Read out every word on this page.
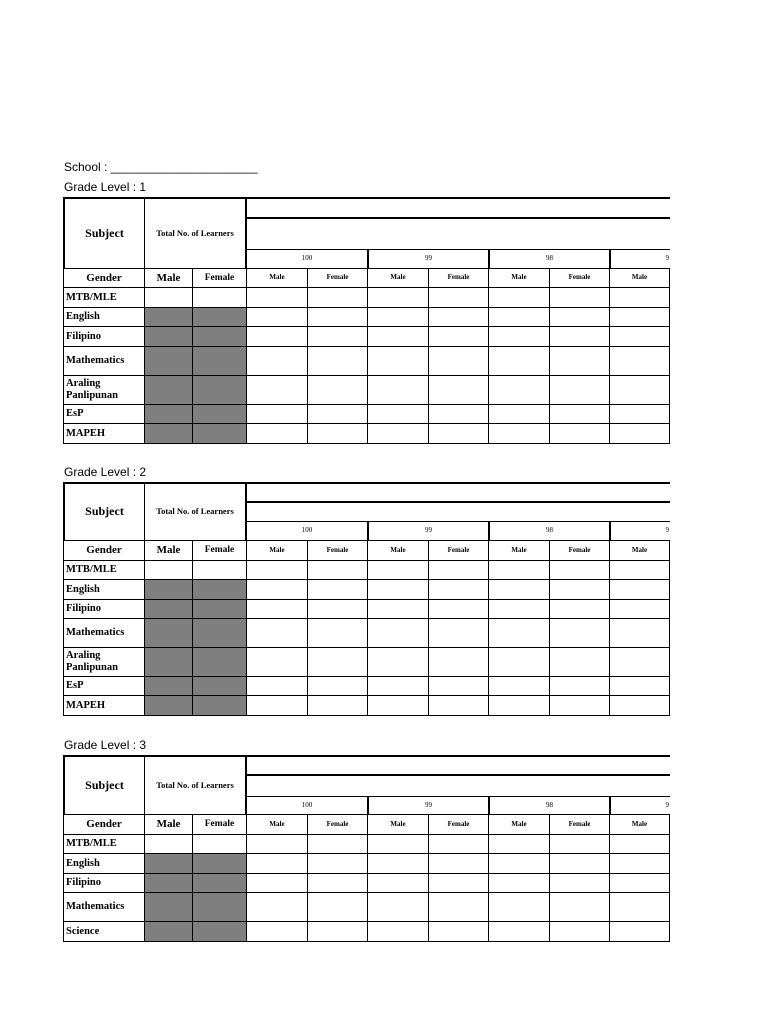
School : ______________________
Grade Level : 1
Subject	Total No. of Learners
100	99	98	9
Gender	Male	Female	Male	Female	Male	Female	Male	Female	Male
MTB/MLE
English
Filipino
Mathematics
Araling Panlipunan
EsP
MAPEH
Grade Level : 2
Subject	Total No. of Learners
100	99	98	9
Gender	Male	Female	Male	Female	Male	Female	Male	Female	Male
MTB/MLE
English
Filipino
Mathematics
Araling Panlipunan
EsP
MAPEH
Grade Level : 3
Subject	Total No. of Learners
100	99	98	9
Gender	Male	Female	Male	Female	Male	Female	Male	Female	Male
MTB/MLE
English
Filipino
Mathematics
Science
